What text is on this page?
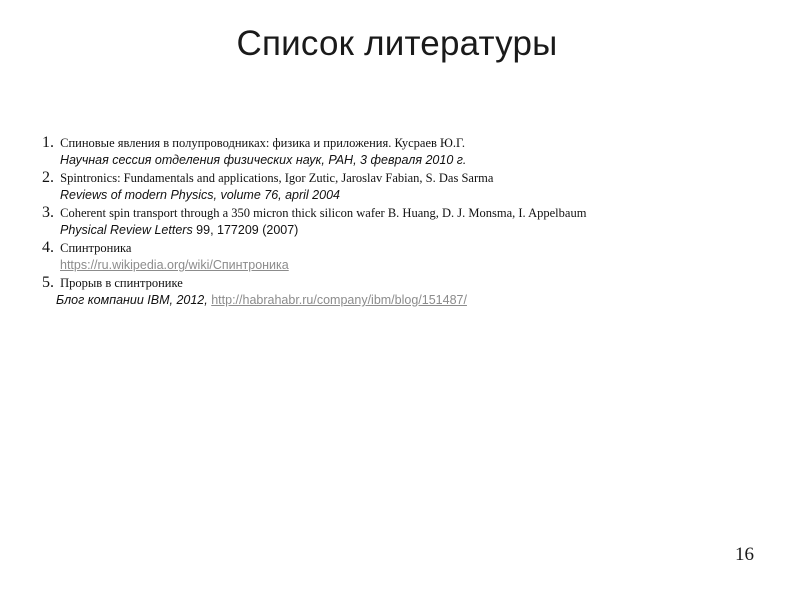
Список литературы
1. Спиновые явления в полупроводниках: физика и приложения. Кусраев Ю.Г.
Научная сессия отделения физических наук, РАН, 3 февраля 2010 г.
2. Spintronics: Fundamentals and applications, Igor Zutic, Jaroslav Fabian, S. Das Sarma
Reviews of modern Physics, volume 76, april 2004
3. Coherent spin transport through a 350 micron thick silicon wafer B. Huang, D. J. Monsma, I. Appelbaum
Physical Review Letters 99, 177209 (2007)
4. Спинтроника
https://ru.wikipedia.org/wiki/Спинтроника
5. Прорыв в спинтронике
Блог компании IBM, 2012, http://habrahabr.ru/company/ibm/blog/151487/
16
